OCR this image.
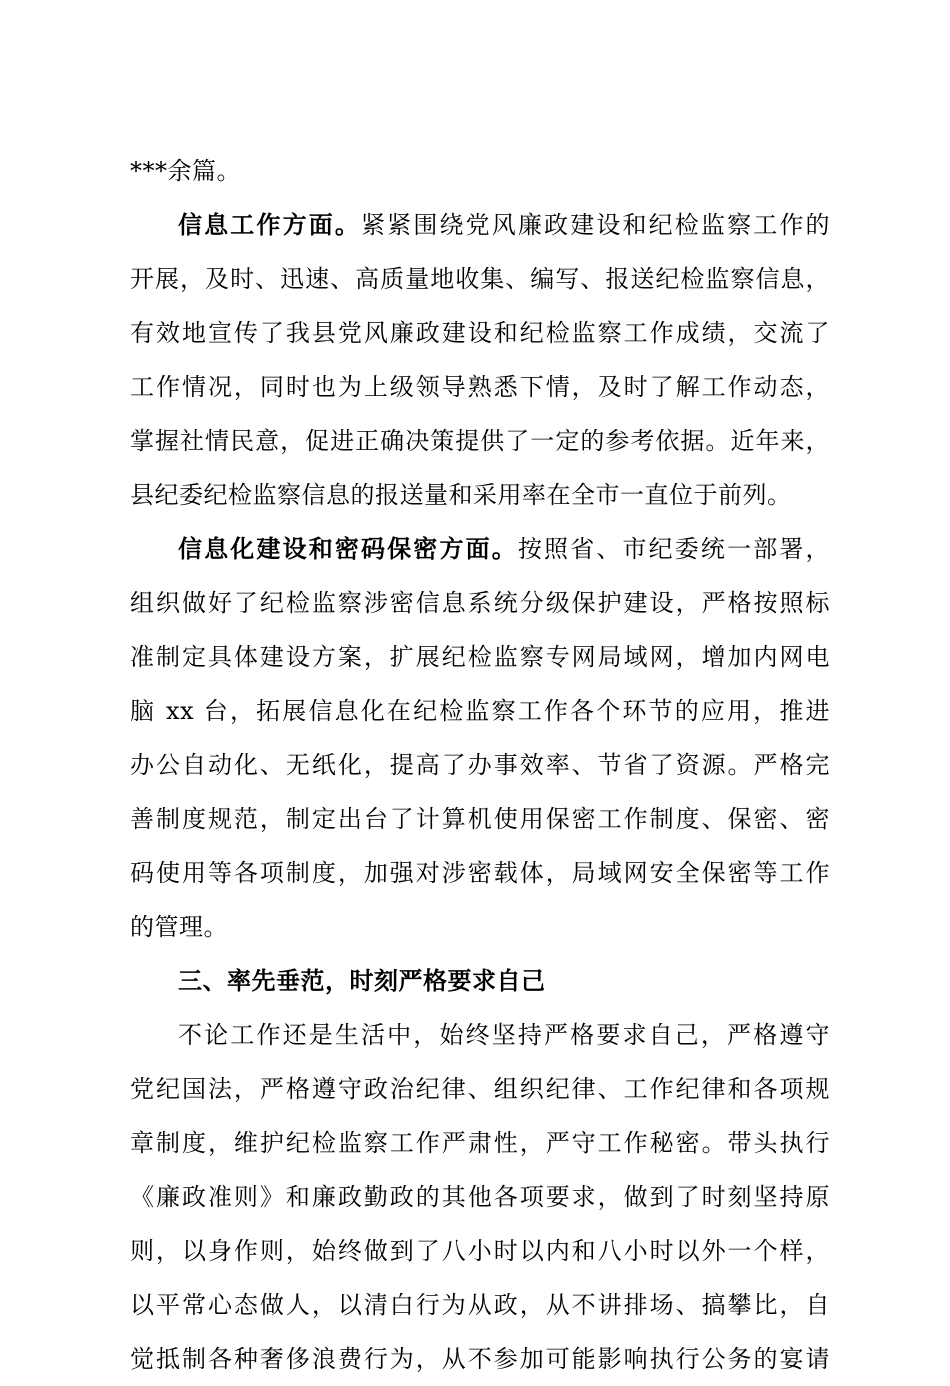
***余篇。
信息工作方面。紧紧围绕党风廉政建设和纪检监察工作的
开展，及时、迅速、高质量地收集、编写、报送纪检监察信息，
有效地宣传了我县党风廉政建设和纪检监察工作成绩，交流了
工作情况，同时也为上级领导熟悉下情，及时了解工作动态，
掌握社情民意，促进正确决策提供了一定的参考依据。近年来，
县纪委纪检监察信息的报送量和采用率在全市一直位于前列。
信息化建设和密码保密方面。按照省、市纪委统一部署，
组织做好了纪检监察涉密信息系统分级保护建设，严格按照标
准制定具体建设方案，扩展纪检监察专网局域网，增加内网电
脑 xx 台，拓展信息化在纪检监察工作各个环节的应用，推进
办公自动化、无纸化，提高了办事效率、节省了资源。严格完
善制度规范，制定出台了计算机使用保密工作制度、保密、密
码使用等各项制度，加强对涉密载体，局域网安全保密等工作
的管理。
三、率先垂范，时刻严格要求自己
不论工作还是生活中，始终坚持严格要求自己，严格遵守
党纪国法，严格遵守政治纪律、组织纪律、工作纪律和各项规
章制度，维护纪检监察工作严肃性，严守工作秘密。带头执行
《廉政准则》和廉政勤政的其他各项要求，做到了时刻坚持原
则，以身作则，始终做到了八小时以内和八小时以外一个样，
以平常心态做人，以清白行为从政，从不讲排场、搞攀比，自
觉抵制各种奢侈浪费行为，从不参加可能影响执行公务的宴请
